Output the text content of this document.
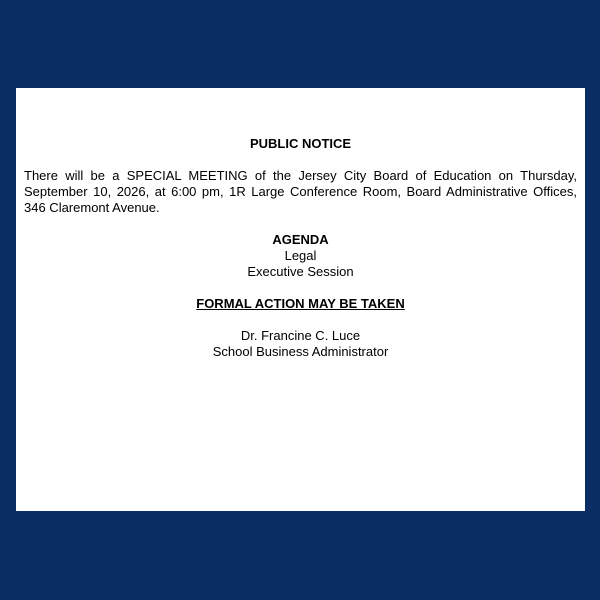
PUBLIC NOTICE
There will be a SPECIAL MEETING of the Jersey City Board of Education on Thursday, September 10, 2026, at 6:00 pm, 1R Large Conference Room, Board Administrative Offices, 346 Claremont Avenue.
AGENDA
Legal
Executive Session
FORMAL ACTION MAY BE TAKEN
Dr. Francine C. Luce
School Business Administrator
